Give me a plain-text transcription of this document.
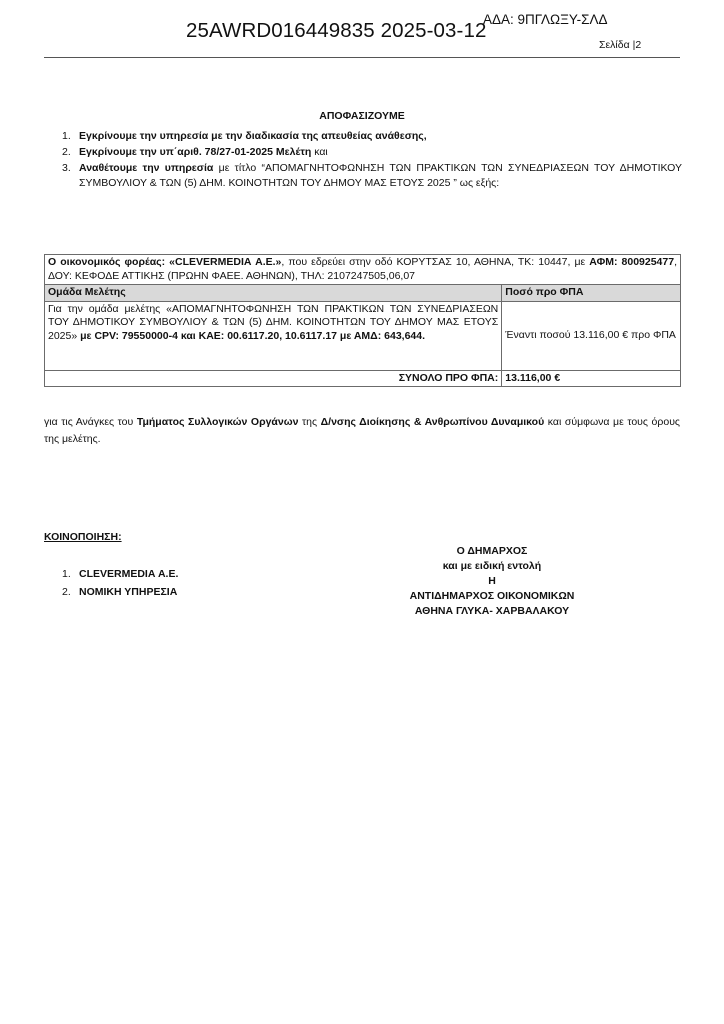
25AWRD016449835 2025-03-12
ΑΔΑ: 9ΠΓΛΩΞΥ-ΣΛΔ
Σελίδα |2
ΑΠΟΦΑΣΙΖΟΥΜΕ
1. Εγκρίνουμε την υπηρεσία με την διαδικασία της απευθείας ανάθεσης,
2. Εγκρίνουμε την υπ΄αριθ. 78/27-01-2025 Μελέτη και
3. Αναθέτουμε την υπηρεσία με τίτλο “ΑΠΟΜΑΓΝΗΤΟΦΩΝΗΣΗ ΤΩΝ ΠΡΑΚΤΙΚΩΝ ΤΩΝ ΣΥΝΕΔΡΙΑΣΕΩΝ ΤΟΥ ΔΗΜΟΤΙΚΟΥ ΣΥΜΒΟΥΛΙΟΥ & ΤΩΝ (5) ΔΗΜ. ΚΟΙΝΟΤΗΤΩΝ ΤΟΥ ΔΗΜΟΥ ΜΑΣ ΕΤΟΥΣ 2025 ” ως εξής:
Ο οικονομικός φορέας: «CLEVERMEDIA Α.Ε.», που εδρεύει στην οδό ΚΟΡΥΤΣΑΣ 10, ΑΘΗΝΑ, ΤΚ: 10447, με ΑΦΜ: 800925477, ΔΟΥ: ΚΕΦΟΔΕ ΑΤΤΙΚΗΣ (ΠΡΩΗΝ ΦΑΕΕ. ΑΘΗΝΩΝ), ΤΗΛ: 2107247505,06,07	
Ομάδα Μελέτης	Ποσό προ ΦΠΑ
Για την ομάδα μελέτης «ΑΠΟΜΑΓΝΗΤΟΦΩΝΗΣΗ ΤΩΝ ΠΡΑΚΤΙΚΩΝ ΤΩΝ ΣΥΝΕΔΡΙΑΣΕΩΝ ΤΟΥ ΔΗΜΟΤΙΚΟΥ ΣΥΜΒΟΥΛΙΟΥ & ΤΩΝ (5) ΔΗΜ. ΚΟΙΝΟΤΗΤΩΝ ΤΟΥ ΔΗΜΟΥ ΜΑΣ ΕΤΟΥΣ 2025» με CPV: 79550000-4 και ΚΑΕ: 00.6117.20, 10.6117.17 με ΑΜΔ: 643,644.	Έναντι ποσού 13.116,00 € προ ΦΠΑ
ΣΥΝΟΛΟ ΠΡΟ ΦΠΑ:	13.116,00 €
για τις Ανάγκες του Τμήματος Συλλογικών Οργάνων της Δ/νσης Διοίκησης & Ανθρωπίνου Δυναμικού και σύμφωνα με τους όρους της μελέτης.
ΚΟΙΝΟΠΟΙΗΣΗ:
1. CLEVERMEDIA Α.Ε.
2. ΝΟΜΙΚΗ ΥΠΗΡΕΣΙΑ
Ο ΔΗΜΑΡΧΟΣ
και με ειδική εντολή
Η
ΑΝΤΙΔΗΜΑΡΧΟΣ ΟΙΚΟΝΟΜΙΚΩΝ
ΑΘΗΝΑ ΓΛΥΚΑ- ΧΑΡΒΑΛΑΚΟΥ
